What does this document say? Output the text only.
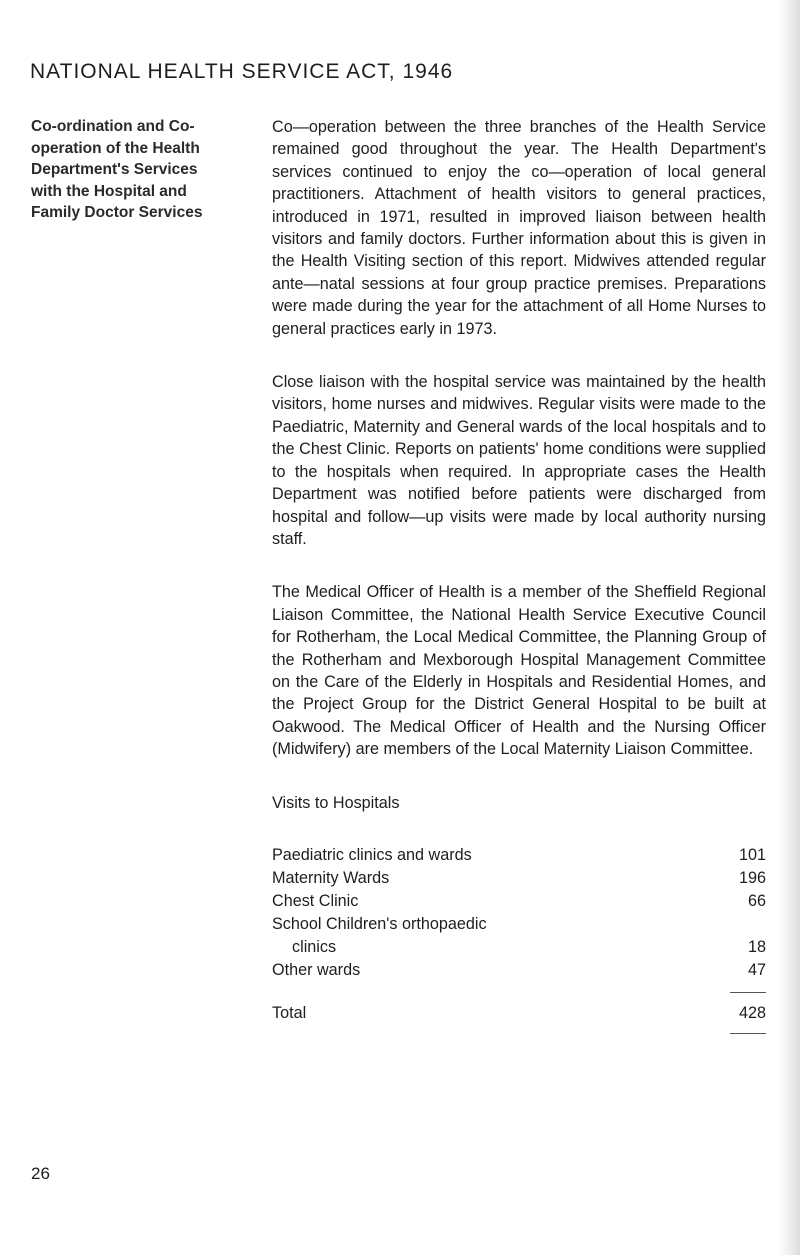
NATIONAL HEALTH SERVICE ACT, 1946
Co-ordination and Co-
operation of the Health
Department's Services
with the Hospital and
Family Doctor Services

Co—operation between the three branches of the Health Service remained good throughout the year. The Health Department's services continued to enjoy the co—operation of local general practitioners. Attachment of health visitors to general practices, introduced in 1971, resulted in improved liaison between health visitors and family doctors. Further information about this is given in the Health Visiting section of this report. Midwives attended regular ante—natal sessions at four group practice premises. Preparations were made during the year for the attachment of all Home Nurses to general practices early in 1973.

Close liaison with the hospital service was maintained by the health visitors, home nurses and midwives. Regular visits were made to the Paediatric, Maternity and General wards of the local hospitals and to the Chest Clinic. Reports on patients' home conditions were supplied to the hospitals when required. In appropriate cases the Health Department was notified before patients were discharged from hospital and follow—up visits were made by local authority nursing staff.

The Medical Officer of Health is a member of the Sheffield Regional Liaison Committee, the National Health Service Executive Council for Rotherham, the Local Medical Committee, the Planning Group of the Rotherham and Mexborough Hospital Management Committee on the Care of the Elderly in Hospitals and Residential Homes, and the Project Group for the District General Hospital to be built at Oakwood. The Medical Officer of Health and the Nursing Officer (Midwifery) are members of the Local Maternity Liaison Committee.

Visits to Hospitals
Paediatric clinics and wards	101
Maternity Wards	196
Chest Clinic	66
School Children's orthopaedic
clinics	18
Other wards	47
Total	428
26
